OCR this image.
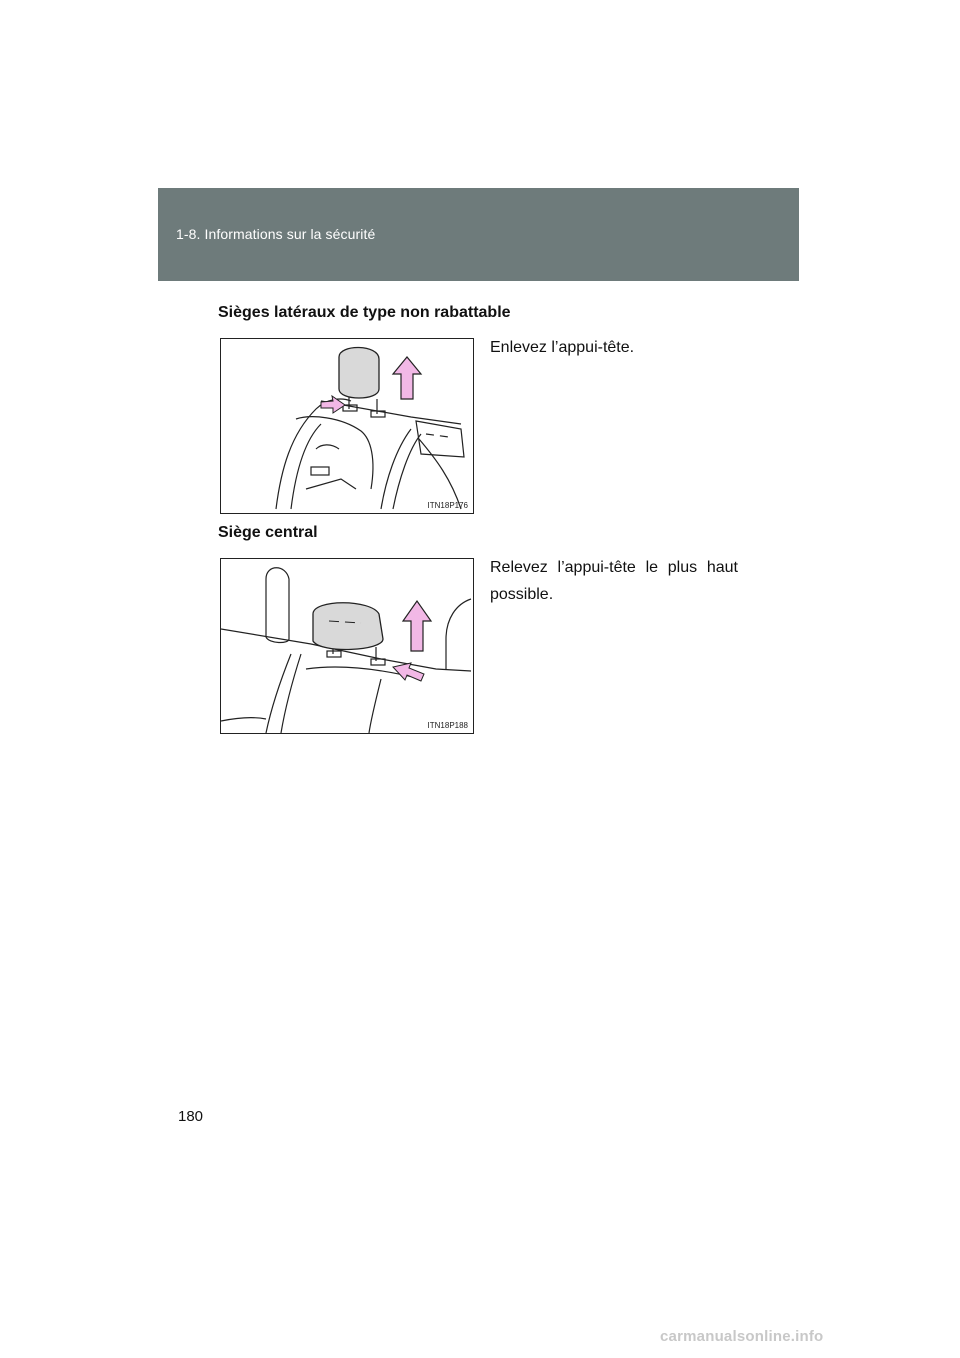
1-8. Informations sur la sécurité
Sièges latéraux de type non rabattable
ITN18P176
Enlevez l’appui-tête.
Siège central
ITN18P188
Relevez l’appui-tête le plus haut possible.
180
carmanualsonline.info
